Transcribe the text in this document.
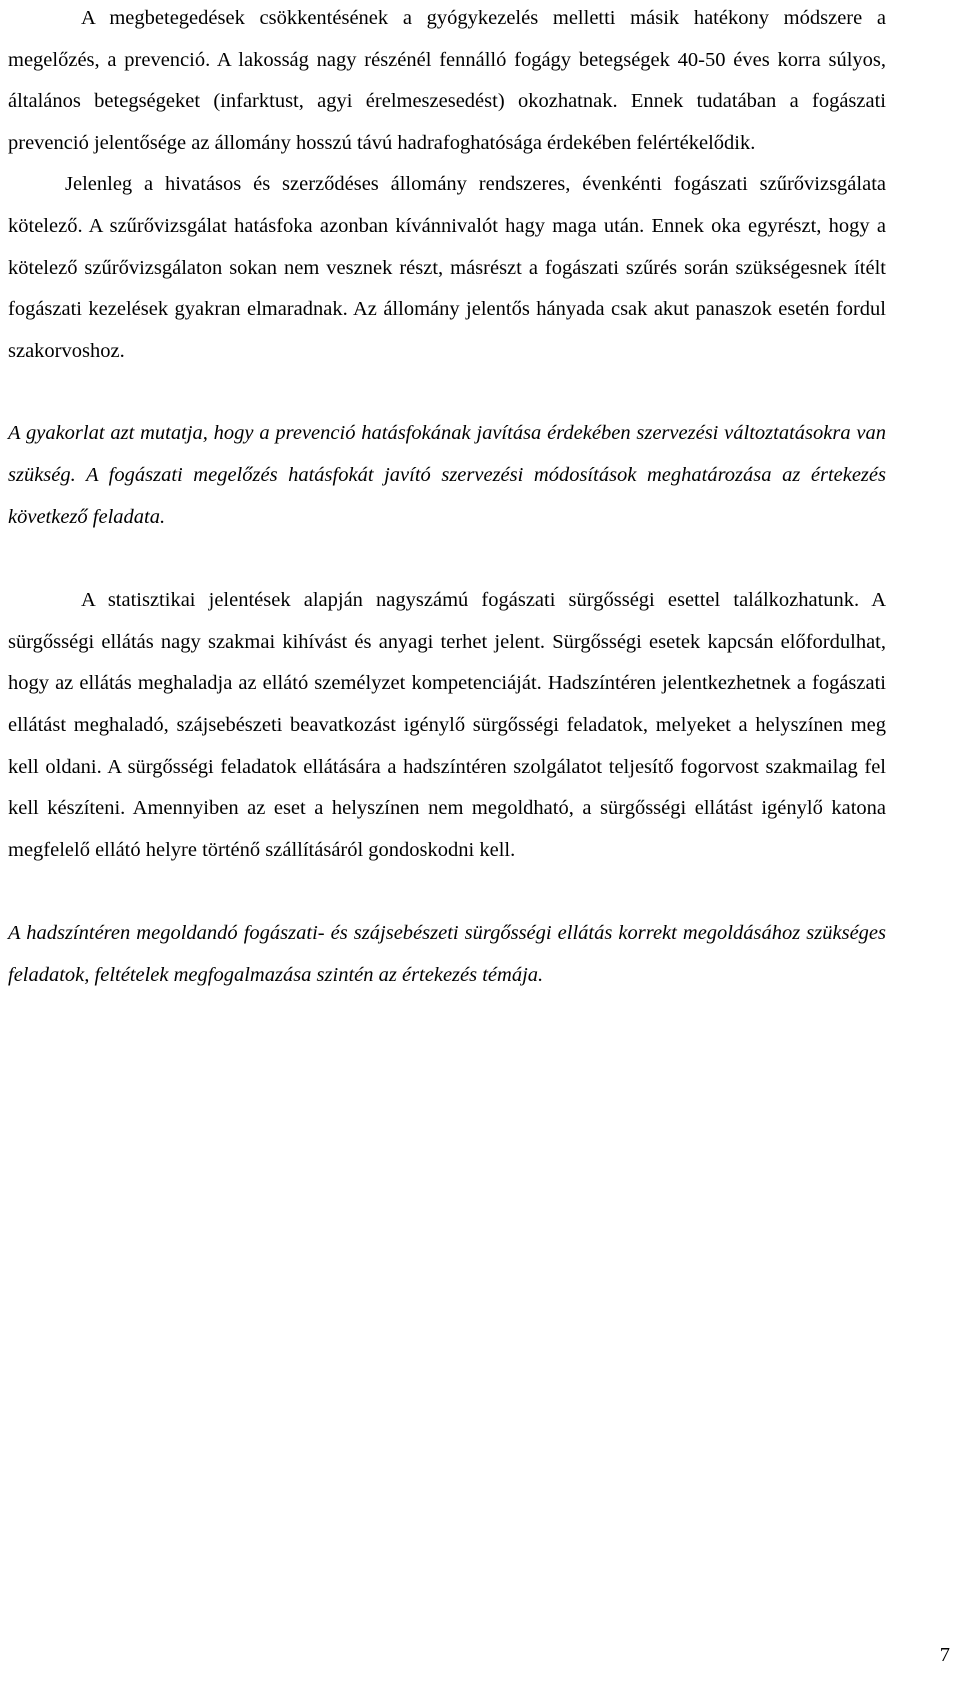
A megbetegedések csökkentésének a gyógykezelés melletti másik hatékony módszere a megelőzés, a prevenció. A lakosság nagy részénél fennálló fogágy betegségek 40-50 éves korra súlyos, általános betegségeket (infarktust, agyi érelmeszesedést) okozhatnak. Ennek tudatában a fogászati prevenció jelentősége az állomány hosszú távú hadrafoghatósága érdekében felértékelődik.

Jelenleg a hivatásos és szerződéses állomány rendszeres, évenkénti fogászati szűrővizsgálata kötelező. A szűrővizsgálat hatásfoka azonban kívánnivalót hagy maga után. Ennek oka egyrészt, hogy a kötelező szűrővizsgálaton sokan nem vesznek részt, másrészt a fogászati szűrés során szükségesnek ítélt fogászati kezelések gyakran elmaradnak. Az állomány jelentős hányada csak akut panaszok esetén fordul szakorvoshoz.

A gyakorlat azt mutatja, hogy a prevenció hatásfokának javítása érdekében szervezési változtatásokra van szükség. A fogászati megelőzés hatásfokát javító szervezési módosítások meghatározása az értekezés következő feladata.

A statisztikai jelentések alapján nagyszámú fogászati sürgősségi esettel találkozhatunk. A sürgősségi ellátás nagy szakmai kihívást és anyagi terhet jelent. Sürgősségi esetek kapcsán előfordulhat, hogy az ellátás meghaladja az ellátó személyzet kompetenciáját. Hadszíntéren jelentkezhetnek a fogászati ellátást meghaladó, szájsebészeti beavatkozást igénylő sürgősségi feladatok, melyeket a helyszínen meg kell oldani. A sürgősségi feladatok ellátására a hadszíntéren szolgálatot teljesítő fogorvost szakmailag fel kell készíteni. Amennyiben az eset a helyszínen nem megoldható, a sürgősségi ellátást igénylő katona megfelelő ellátó helyre történő szállításáról gondoskodni kell.

A hadszíntéren megoldandó fogászati- és szájsebészeti sürgősségi ellátás korrekt megoldásához szükséges feladatok, feltételek megfogalmazása szintén az értekezés témája.

7
